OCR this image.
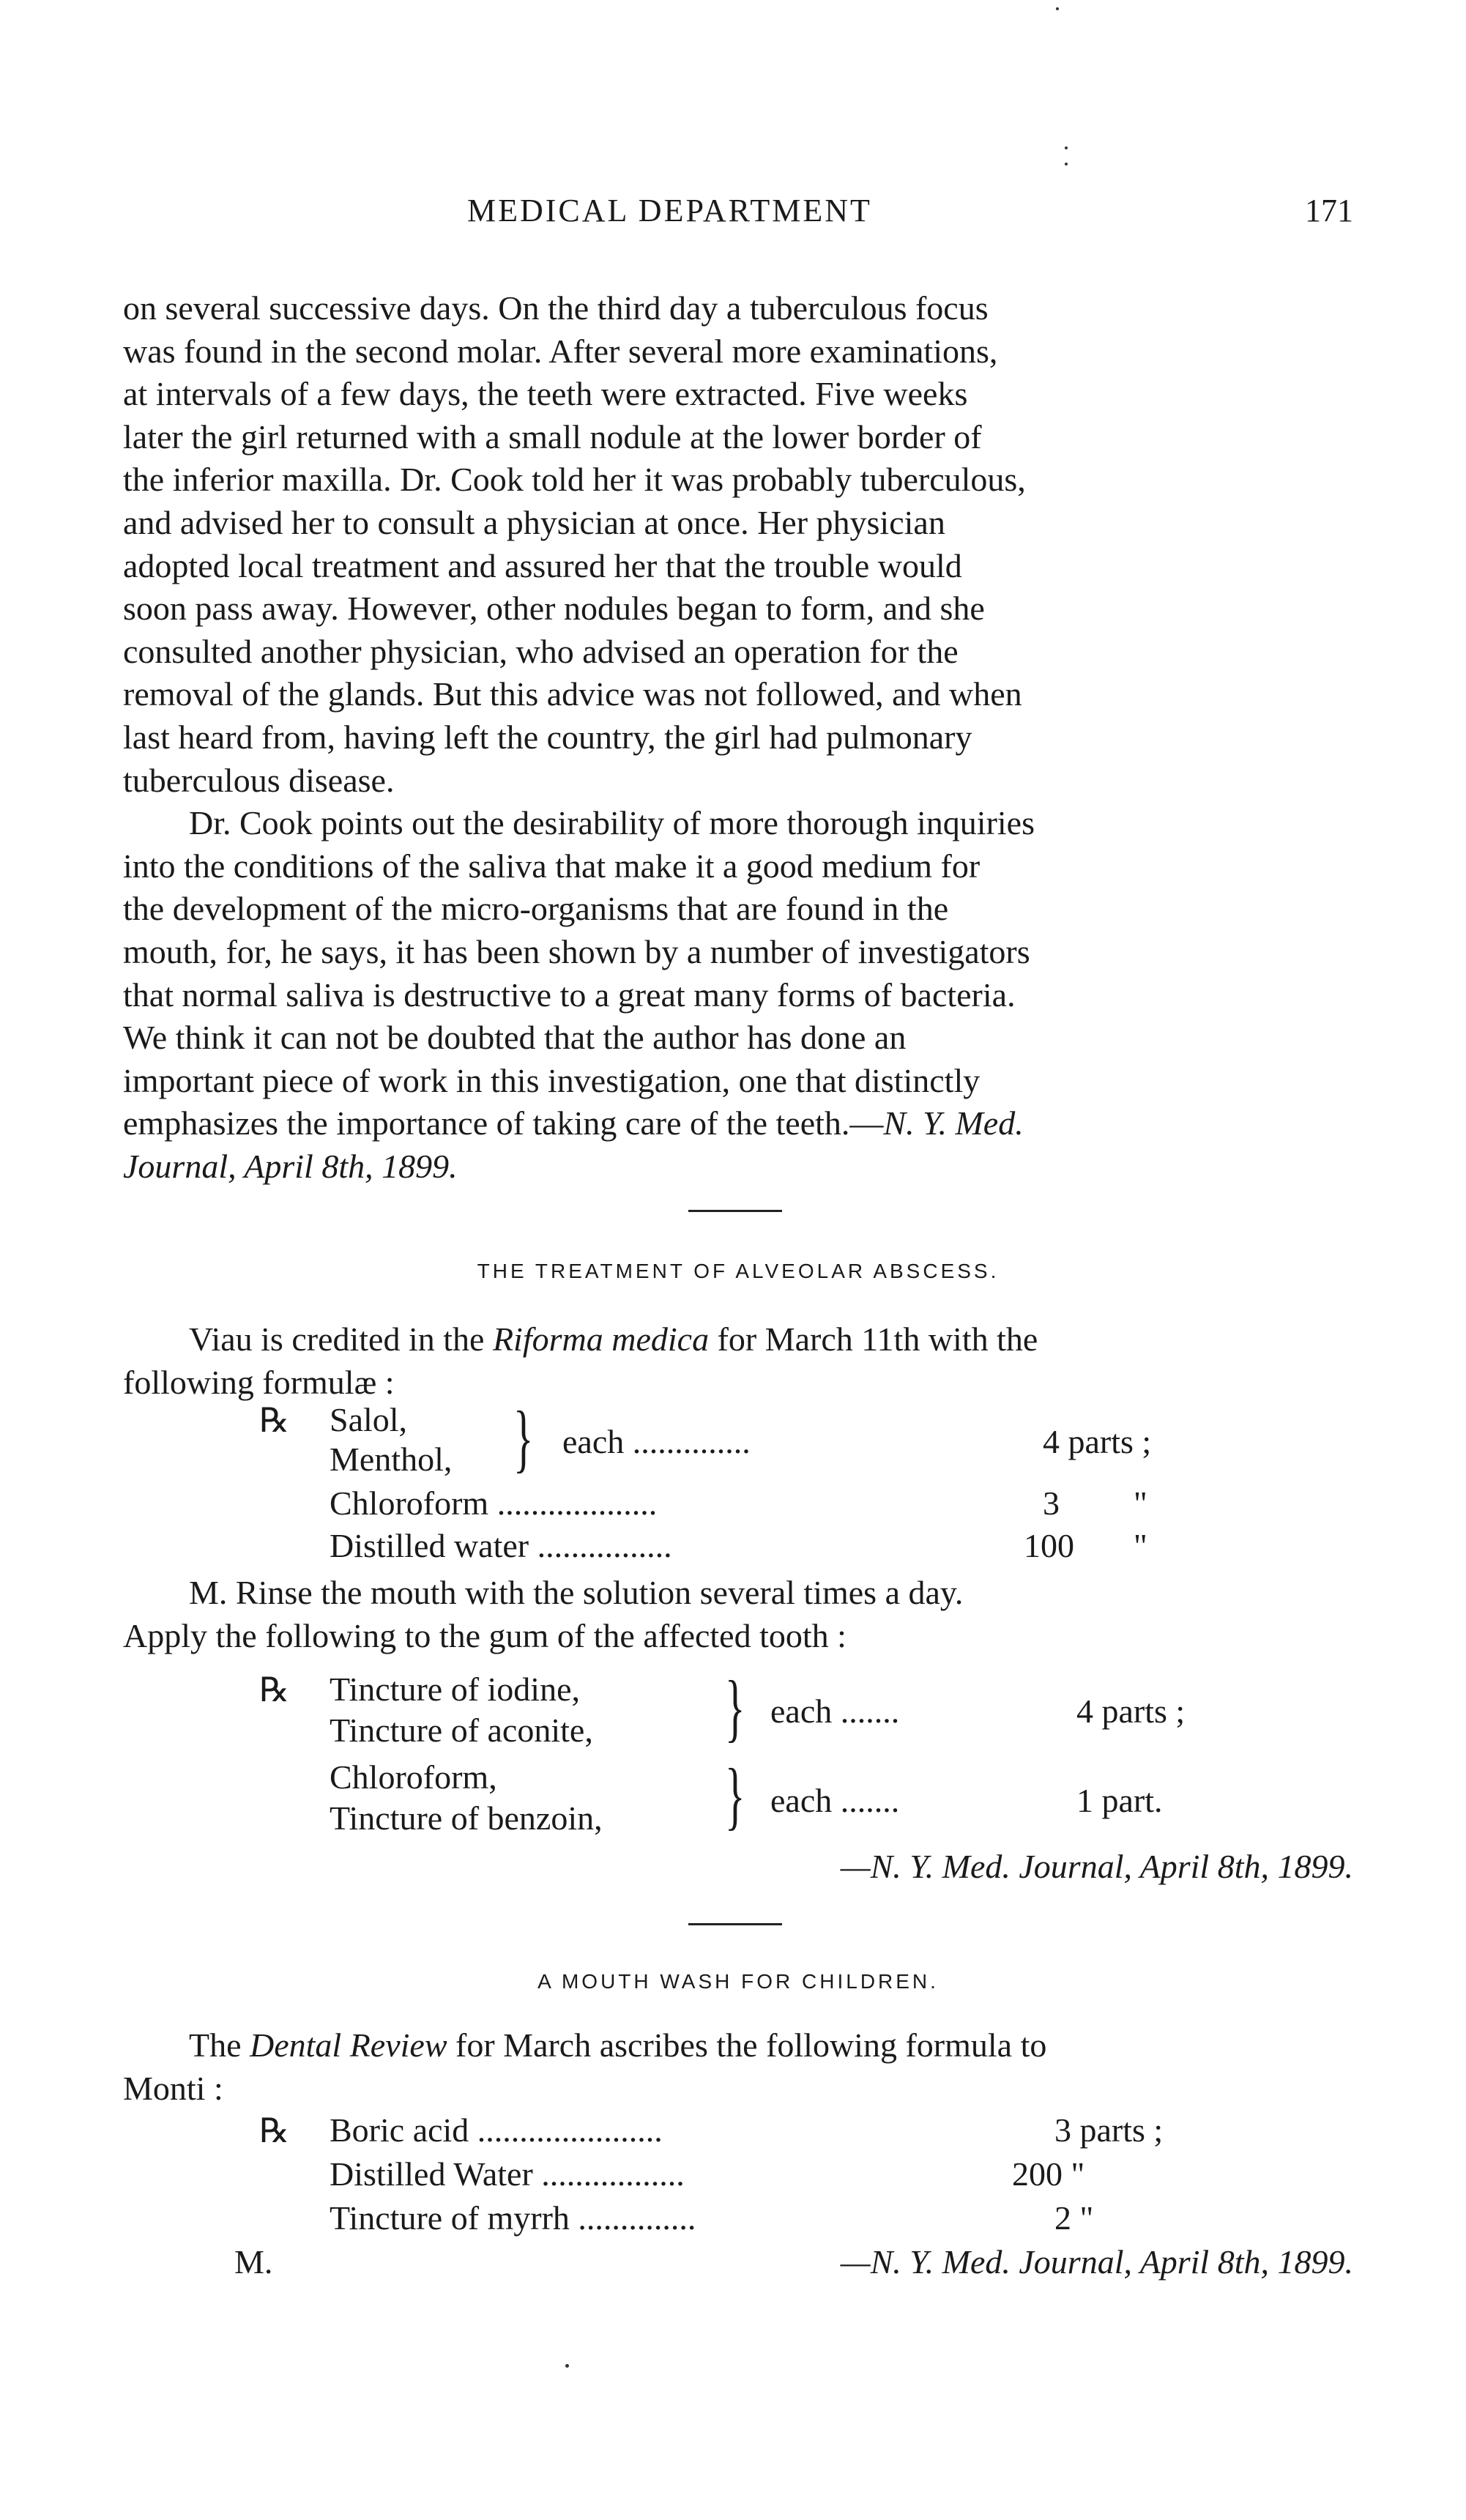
MEDICAL DEPARTMENT	171
on several successive days. On the third day a tuberculous focus
was found in the second molar. After several more examinations,
at intervals of a few days, the teeth were extracted. Five weeks
later the girl returned with a small nodule at the lower border of
the inferior maxilla. Dr. Cook told her it was probably tuberculous,
and advised her to consult a physician at once. Her physician
adopted local treatment and assured her that the trouble would
soon pass away. However, other nodules began to form, and she
consulted another physician, who advised an operation for the
removal of the glands. But this advice was not followed, and when
last heard from, having left the country, the girl had pulmonary
tuberculous disease.
Dr. Cook points out the desirability of more thorough inquiries
into the conditions of the saliva that make it a good medium for
the development of the micro-organisms that are found in the
mouth, for, he says, it has been shown by a number of investigators
that normal saliva is destructive to a great many forms of bacteria.
We think it can not be doubted that the author has done an
important piece of work in this investigation, one that distinctly
emphasizes the importance of taking care of the teeth.—N. Y. Med.
Journal, April 8th, 1899.
THE TREATMENT OF ALVEOLAR ABSCESS.
Viau is credited in the Riforma medica for March 11th with the
following formulæ :
℞ Salol,
Menthol, } each ..............	4 parts ;
Chloroform ...................	3 "
Distilled water ................	100 "
M. Rinse the mouth with the solution several times a day.
Apply the following to the gum of the affected tooth :
℞ Tincture of iodine,
Tincture of aconite, } each .......	4 parts ;
Chloroform,
Tincture of benzoin, } each .......	1 part.
—N. Y. Med. Journal, April 8th, 1899.
A MOUTH WASH FOR CHILDREN.
The Dental Review for March ascribes the following formula to
Monti :
℞ Boric acid ......................	3 parts ;
Distilled Water .................	200 "
Tincture of myrrh ..............	2 "
M.	—N. Y. Med. Journal, April 8th, 1899.
